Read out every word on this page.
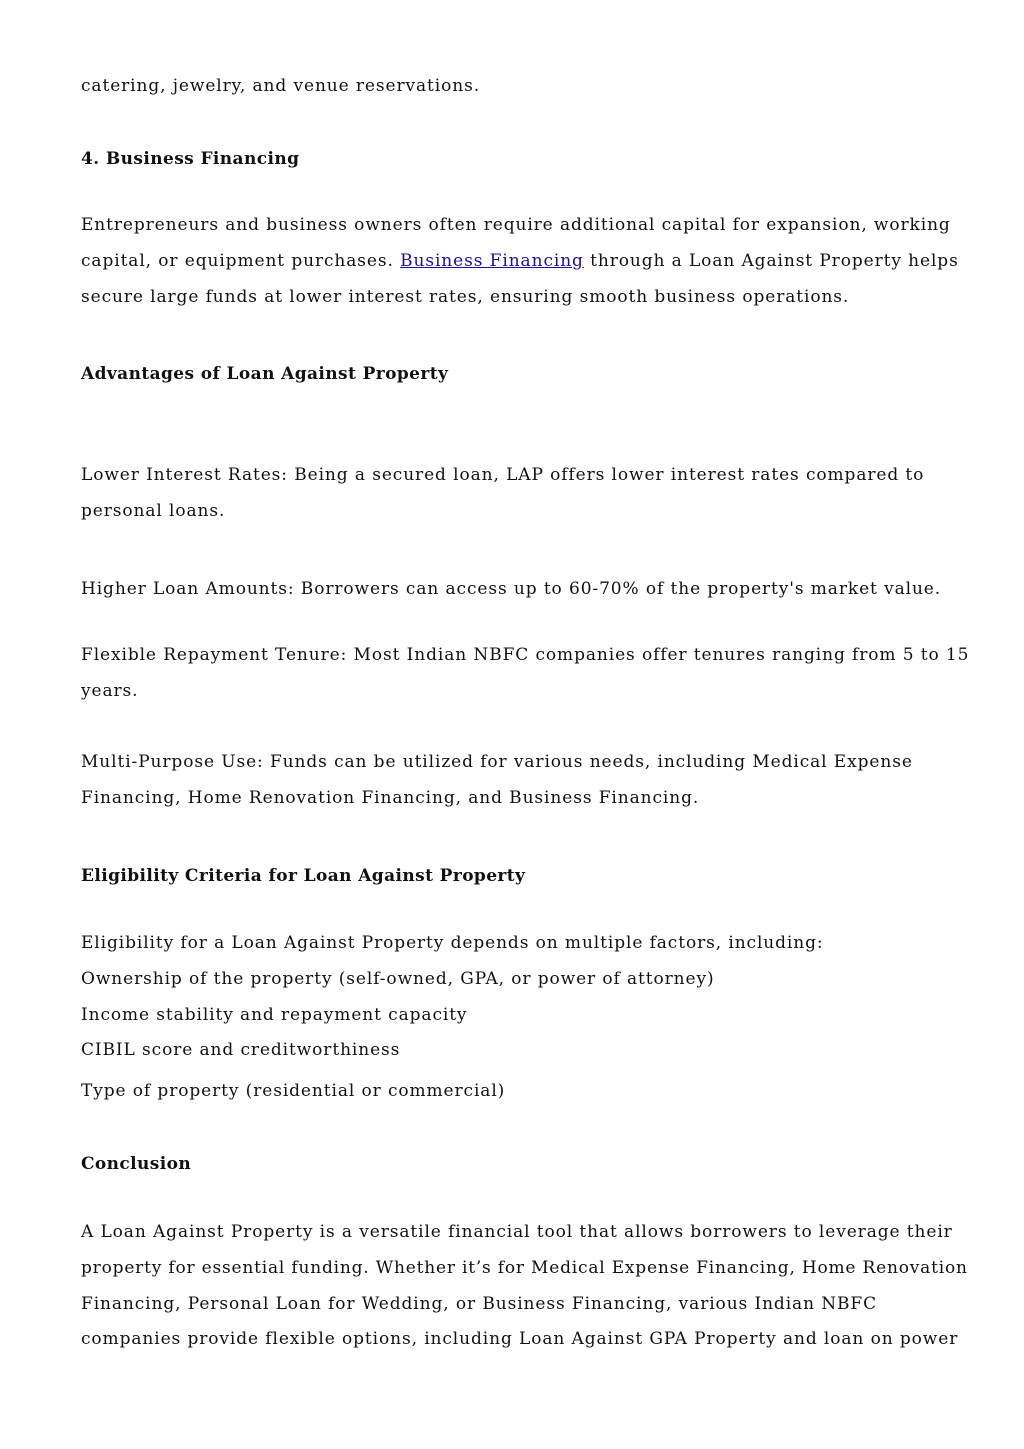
catering, jewelry, and venue reservations.
4. Business Financing
Entrepreneurs and business owners often require additional capital for expansion, working
capital, or equipment purchases. Business Financing through a Loan Against Property helps
secure large funds at lower interest rates, ensuring smooth business operations.
Advantages of Loan Against Property
Lower Interest Rates: Being a secured loan, LAP offers lower interest rates compared to
personal loans.
Higher Loan Amounts: Borrowers can access up to 60-70% of the property's market value.
Flexible Repayment Tenure: Most Indian NBFC companies offer tenures ranging from 5 to 15
years.
Multi-Purpose Use: Funds can be utilized for various needs, including Medical Expense
Financing, Home Renovation Financing, and Business Financing.
Eligibility Criteria for Loan Against Property
Eligibility for a Loan Against Property depends on multiple factors, including:
Ownership of the property (self-owned, GPA, or power of attorney)
Income stability and repayment capacity
CIBIL score and creditworthiness
Type of property (residential or commercial)
Conclusion
A Loan Against Property is a versatile financial tool that allows borrowers to leverage their
property for essential funding. Whether it’s for Medical Expense Financing, Home Renovation
Financing, Personal Loan for Wedding, or Business Financing, various Indian NBFC
companies provide flexible options, including Loan Against GPA Property and loan on power
